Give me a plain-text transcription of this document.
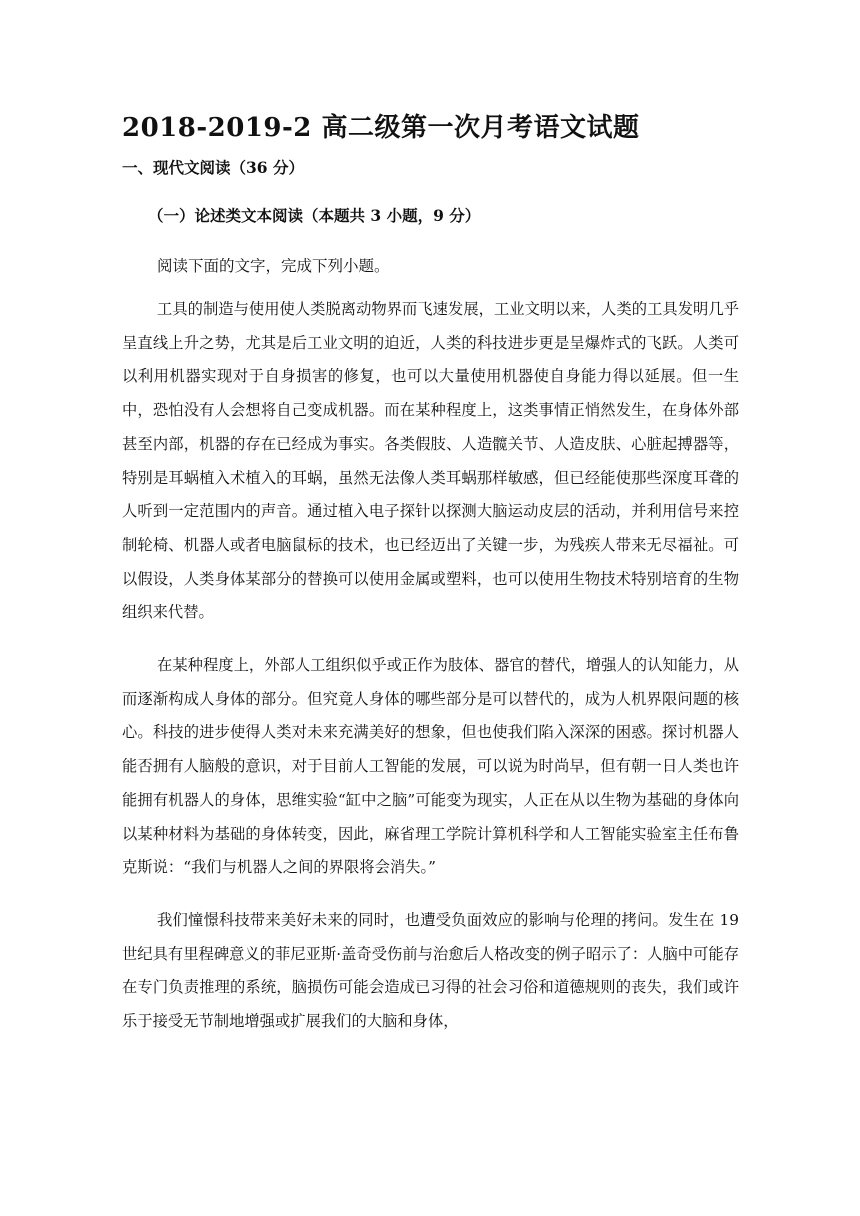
2018-2019-2 高二级第一次月考语文试题
一、现代文阅读（36 分）
（一）论述类文本阅读（本题共 3 小题，9 分）

阅读下面的文字，完成下列小题。

工具的制造与使用使人类脱离动物界而飞速发展，工业文明以来，人类的工具发明几乎呈直线上升之势，尤其是后工业文明的迫近，人类的科技进步更是呈爆炸式的飞跃。人类可以利用机器实现对于自身损害的修复，也可以大量使用机器使自身能力得以延展。但一生中，恐怕没有人会想将自己变成机器。而在某种程度上，这类事情正悄然发生，在身体外部甚至内部，机器的存在已经成为事实。各类假肢、人造髋关节、人造皮肤、心脏起搏器等，特别是耳蜗植入术植入的耳蜗，虽然无法像人类耳蜗那样敏感，但已经能使那些深度耳聋的人听到一定范围内的声音。通过植入电子探针以探测大脑运动皮层的活动，并利用信号来控制轮椅、机器人或者电脑鼠标的技术，也已经迈出了关键一步，为残疾人带来无尽福祉。可以假设，人类身体某部分的替换可以使用金属或塑料，也可以使用生物技术特别培育的生物组织来代替。

在某种程度上，外部人工组织似乎或正作为肢体、器官的替代，增强人的认知能力，从而逐渐构成人身体的部分。但究竟人身体的哪些部分是可以替代的，成为人机界限问题的核心。科技的进步使得人类对未来充满美好的想象，但也使我们陷入深深的困惑。探讨机器人能否拥有人脑般的意识，对于目前人工智能的发展，可以说为时尚早，但有朝一日人类也许能拥有机器人的身体，思维实验“缸中之脑”可能变为现实，人正在从以生物为基础的身体向以某种材料为基础的身体转变，因此，麻省理工学院计算机科学和人工智能实验室主任布鲁克斯说：“我们与机器人之间的界限将会消失。”

我们憧憬科技带来美好未来的同时，也遭受负面效应的影响与伦理的拷问。发生在 19 世纪具有里程碑意义的菲尼亚斯·盖奇受伤前与治愈后人格改变的例子昭示了：人脑中可能存在专门负责推理的系统，脑损伤可能会造成已习得的社会习俗和道德规则的丧失，我们或许乐于接受无节制地增强或扩展我们的大脑和身体，
